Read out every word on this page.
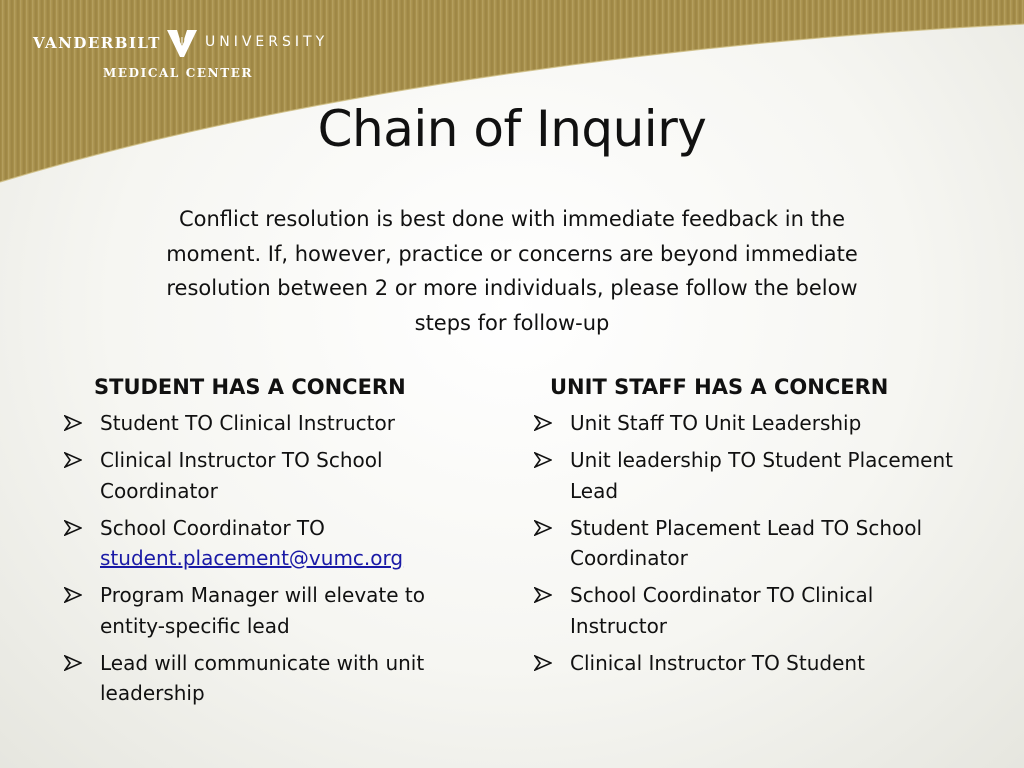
VANDERBILT	UNIVERSITY
MEDICAL CENTER
Chain of Inquiry

Conflict resolution is best done with immediate feedback in the moment. If, however, practice or concerns are beyond immediate resolution between 2 or more individuals, please follow the below steps for follow-up

STUDENT HAS A CONCERN
Student TO Clinical Instructor
Clinical Instructor TO School Coordinator
School Coordinator TO
student.placement@vumc.org
Program Manager will elevate to entity-specific lead
Lead will communicate with unit leadership
UNIT STAFF HAS A CONCERN
Unit Staff TO Unit Leadership
Unit leadership TO Student Placement Lead
Student Placement Lead TO School Coordinator
School Coordinator TO Clinical Instructor
Clinical Instructor TO Student
